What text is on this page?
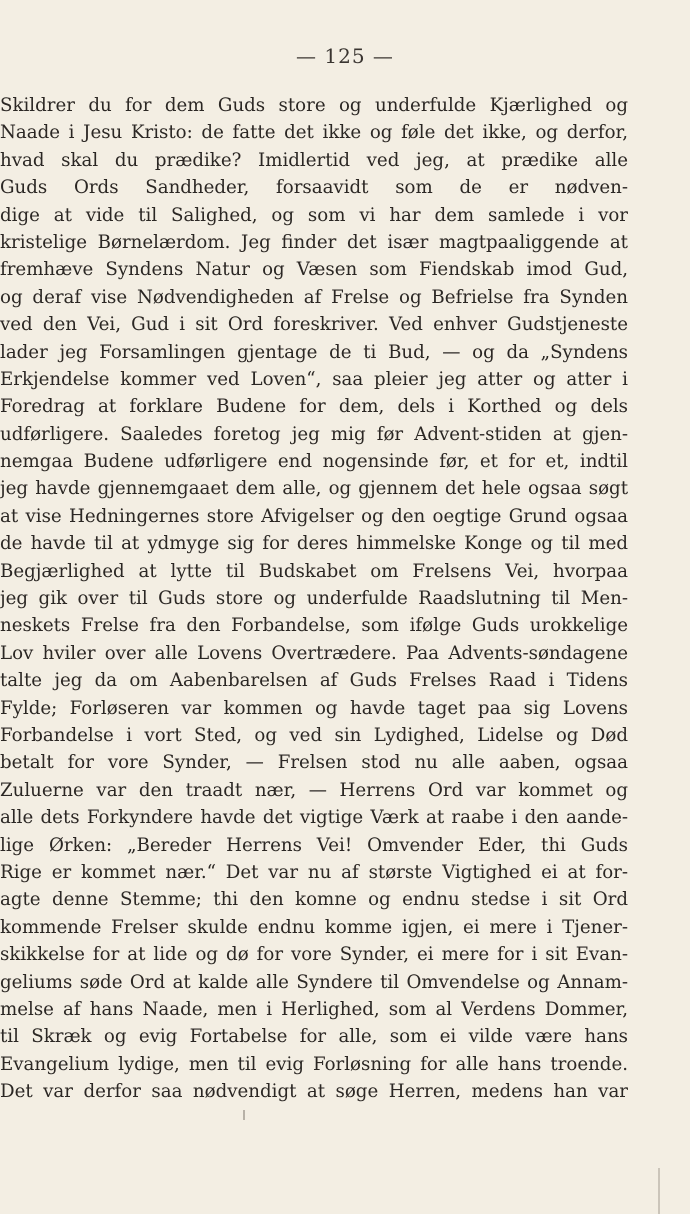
— 125 —
Skildrer du for dem Guds store og underfulde Kjærlighed og
Naade i Jesu Kristo: de fatte det ikke og føle det ikke, og derfor,
hvad skal du prædike? Imidlertid ved jeg, at prædike alle
Guds Ords Sandheder, forsaavidt som de er nødven-
dige at vide til Salighed, og som vi har dem samlede i vor
kristelige Børnelærdom. Jeg finder det især magtpaaliggende at
fremhæve Syndens Natur og Væsen som Fiendskab imod Gud,
og deraf vise Nødvendigheden af Frelse og Befrielse fra Synden
ved den Vei, Gud i sit Ord foreskriver. Ved enhver Gudstjeneste
lader jeg Forsamlingen gjentage de ti Bud, — og da „Syndens
Erkjendelse kommer ved Loven“, saa pleier jeg atter og atter i
Foredrag at forklare Budene for dem, dels i Korthed og dels
udførligere. Saaledes foretog jeg mig før Advent-stiden at gjen-
nemgaa Budene udførligere end nogensinde før, et for et, indtil
jeg havde gjennemgaaet dem alle, og gjennem det hele ogsaa søgt
at vise Hedningernes store Afvigelser og den oegtige Grund ogsaa
de havde til at ydmyge sig for deres himmelske Konge og til med
Begjærlighed at lytte til Budskabet om Frelsens Vei, hvorpaa
jeg gik over til Guds store og underfulde Raadslutning til Men-
neskets Frelse fra den Forbandelse, som ifølge Guds urokkelige
Lov hviler over alle Lovens Overtrædere. Paa Advents-søndagene
talte jeg da om Aabenbarelsen af Guds Frelses Raad i Tidens
Fylde; Forløseren var kommen og havde taget paa sig Lovens
Forbandelse i vort Sted, og ved sin Lydighed, Lidelse og Død
betalt for vore Synder, — Frelsen stod nu alle aaben, ogsaa
Zuluerne var den traadt nær, — Herrens Ord var kommet og
alle dets Forkyndere havde det vigtige Værk at raabe i den aande-
lige Ørken: „Bereder Herrens Vei! Omvender Eder, thi Guds
Rige er kommet nær.“ Det var nu af største Vigtighed ei at for-
agte denne Stemme; thi den komne og endnu stedse i sit Ord
kommende Frelser skulde endnu komme igjen, ei mere i Tjener-
skikkelse for at lide og dø for vore Synder, ei mere for i sit Evan-
geliums søde Ord at kalde alle Syndere til Omvendelse og Annam-
melse af hans Naade, men i Herlighed, som al Verdens Dommer,
til Skræk og evig Fortabelse for alle, som ei vilde være hans
Evangelium lydige, men til evig Forløsning for alle hans troende.
Det var derfor saa nødvendigt at søge Herren, medens han var
